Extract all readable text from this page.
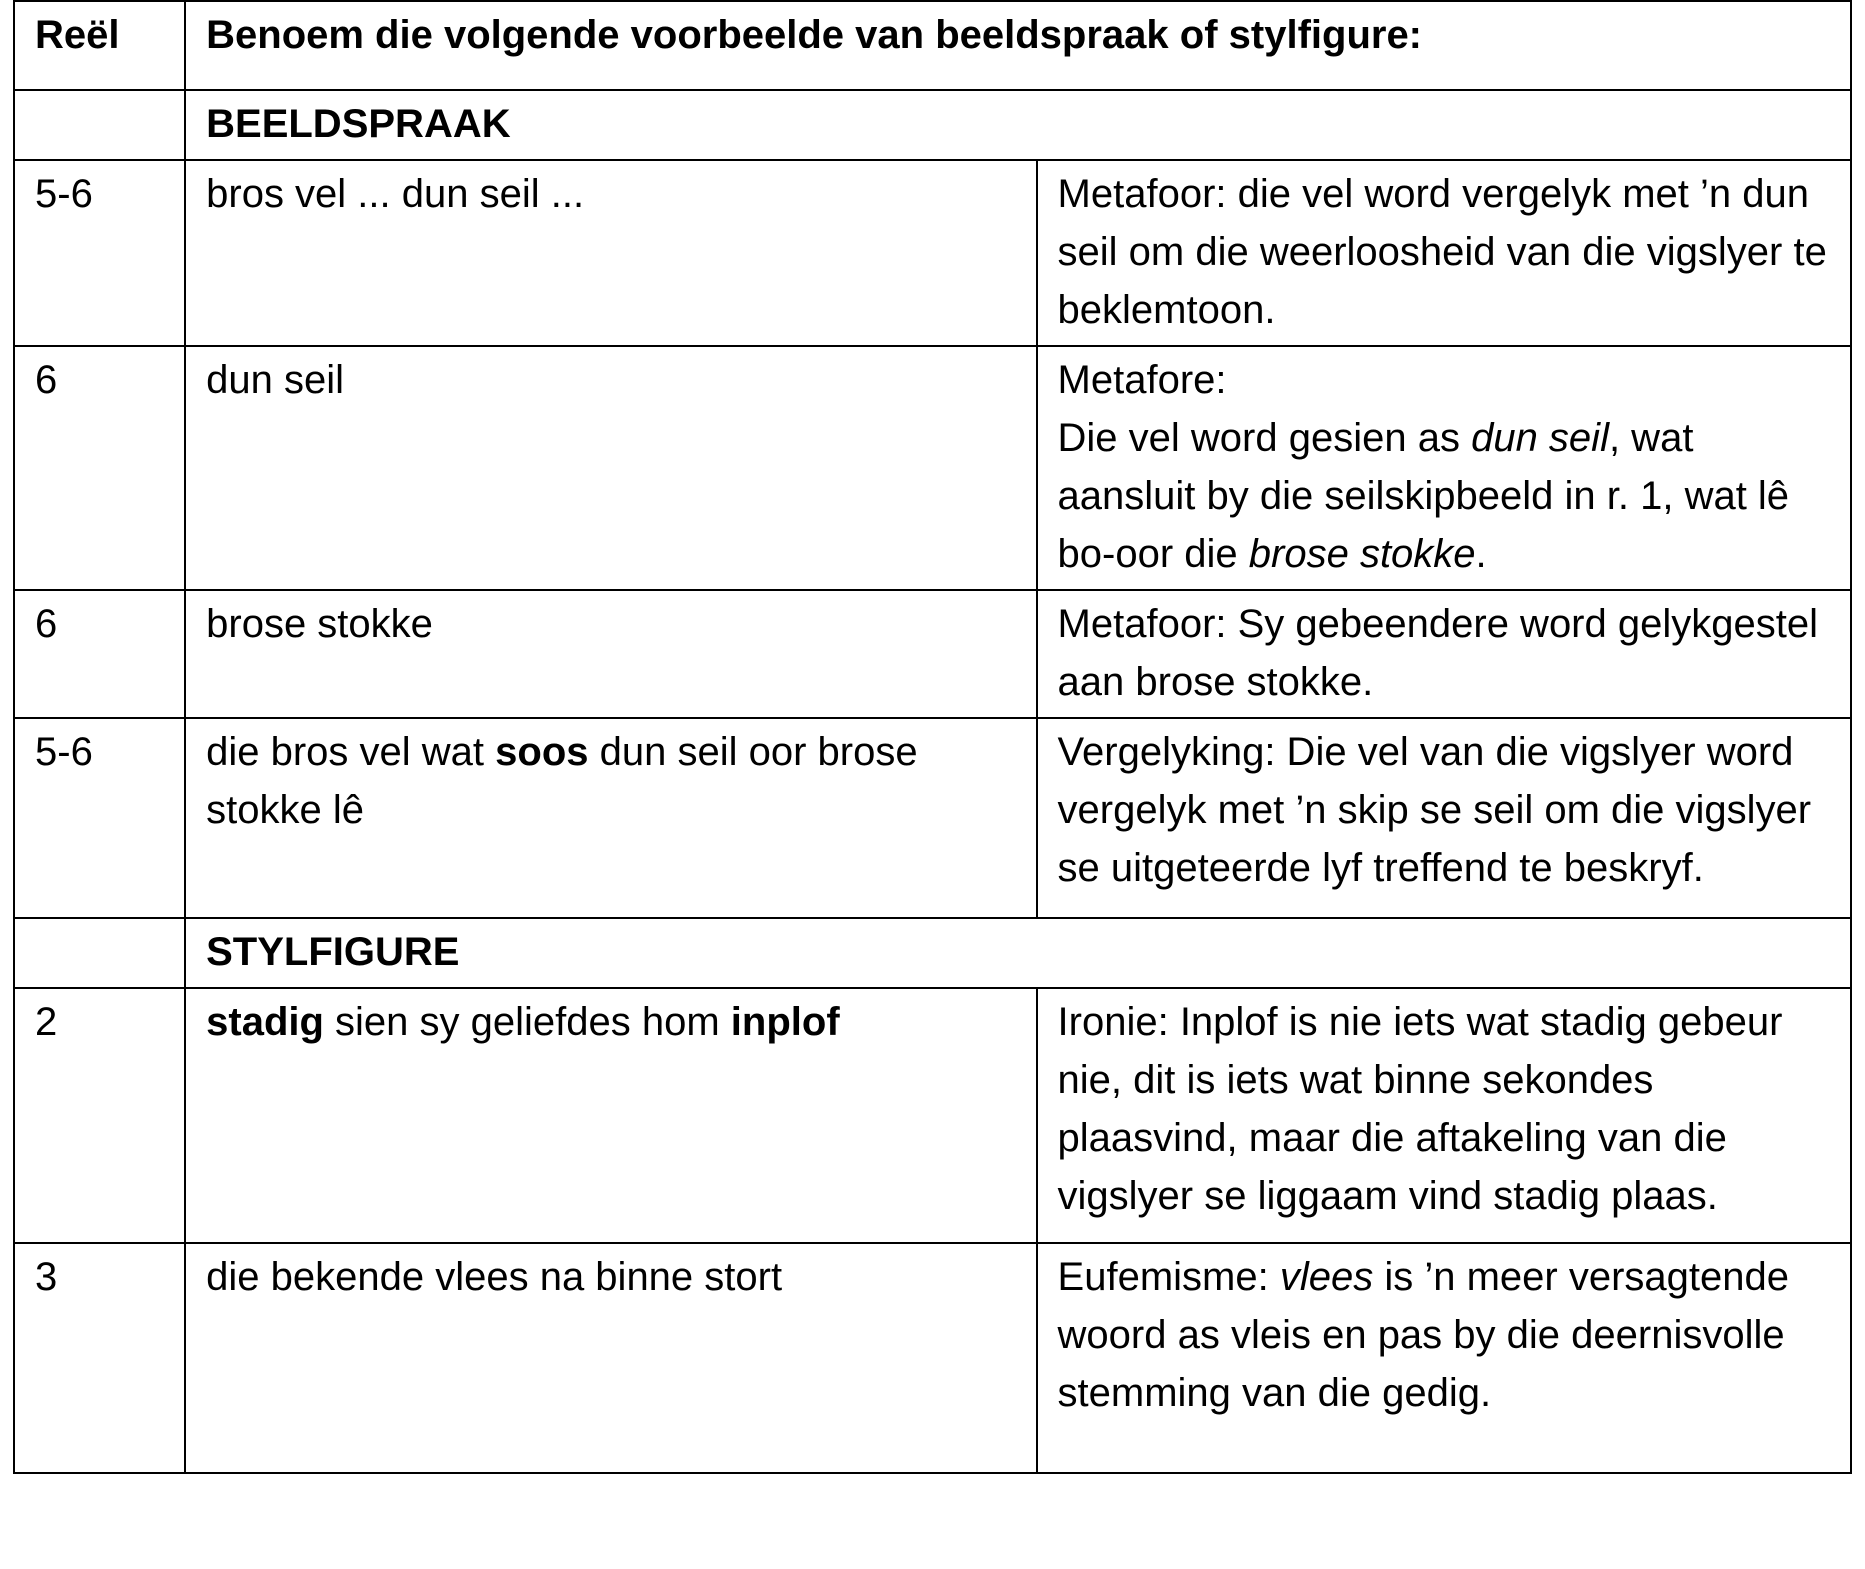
Reël	Benoem die volgende voorbeelde van beeldspraak of stylfigure:	
	BEELDSPRAAK	
5-6	bros vel ... dun seil ...	Metafoor: die vel word vergelyk met ’n dun seil om die weerloosheid van die vigslyer te beklemtoon.
6	dun seil	Metafore:
Die vel word gesien as dun seil, wat aansluit by die seilskipbeeld in r. 1, wat lê bo-oor die brose stokke.
6	brose stokke	Metafoor: Sy gebeendere word gelykgestel aan brose stokke.
5-6	die bros vel wat soos dun seil oor brose stokke lê	Vergelyking: Die vel van die vigslyer word vergelyk met ’n skip se seil om die vigslyer se uitgeteerde lyf treffend te beskryf.
	STYLFIGURE	
2	stadig sien sy geliefdes hom inplof	Ironie: Inplof is nie iets wat stadig gebeur nie, dit is iets wat binne sekondes plaasvind, maar die aftakeling van die vigslyer se liggaam vind stadig plaas.
3	die bekende vlees na binne stort	Eufemisme: vlees is ’n meer versagtende woord as vleis en pas by die deernisvolle stemming van die gedig.
